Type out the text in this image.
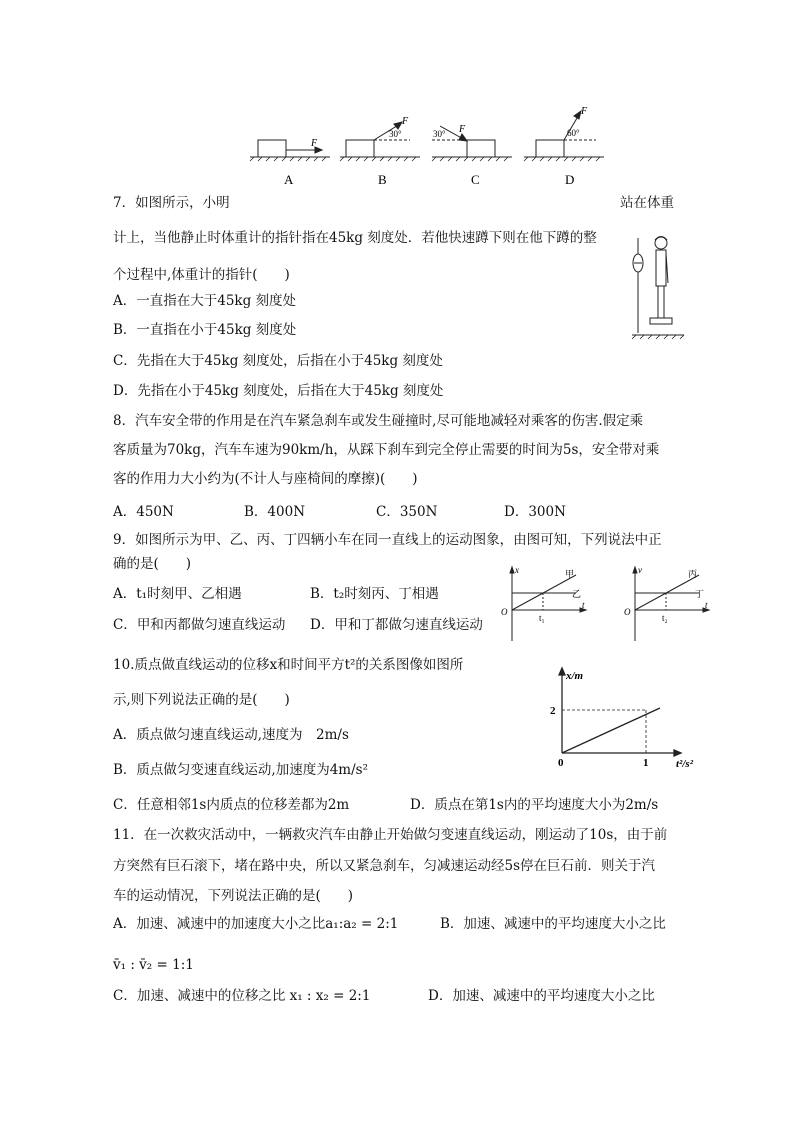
F
F
F
F
30°	30°	60°
A	B	C	D
7．如图所示，小明	站在体重
计上，当他静止时体重计的指针指在45kg 刻度处．若他快速蹲下则在他下蹲的整
个过程中,体重计的指针(　　)
A．一直指在大于45kg 刻度处
B．一直指在小于45kg 刻度处
C．先指在大于45kg 刻度处，后指在小于45kg 刻度处
D．先指在小于45kg 刻度处，后指在大于45kg 刻度处
8．汽车安全带的作用是在汽车紧急刹车或发生碰撞时,尽可能地减轻对乘客的伤害.假定乘
客质量为70kg，汽车车速为90km/h，从踩下刹车到完全停止需要的时间为5s，安全带对乘
客的作用力大小约为(不计人与座椅间的摩擦)(　　)
A．450N	B．400N	C．350N	D．300N
9．如图所示为甲、乙、丙、丁四辆小车在同一直线上的运动图象，由图可知，下列说法中正
确的是(　　)
A．t₁时刻甲、乙相遇	B．t₂时刻丙、丁相遇
C．甲和丙都做匀速直线运动 D．甲和丁都做匀速直线运动
x
t
O
t₁
甲
乙
v
t
O
t₂
丙
丁
10.质点做直线运动的位移x和时间平方t²的关系图像如图所
示,则下列说法正确的是(　　)
A．质点做匀速直线运动,速度为　2m/s
B．质点做匀变速直线运动,加速度为4m/s²
C．任意相邻1s内质点的位移差都为2m	D．质点在第1s内的平均速度大小为2m/s
x/m
t²/s²
0
2
1
11．在一次救灾活动中，一辆救灾汽车由静止开始做匀变速直线运动，刚运动了10s，由于前
方突然有巨石滚下，堵在路中央，所以又紧急刹车，匀减速运动经5s停在巨石前．则关于汽
车的运动情况，下列说法正确的是(　　)
A．加速、减速中的加速度大小之比a₁:a₂ = 2:1	B．加速、减速中的平均速度大小之比
v̄₁ : v̄₂ = 1:1
C．加速、减速中的位移之比 x₁ : x₂ = 2:1	D．加速、减速中的平均速度大小之比
